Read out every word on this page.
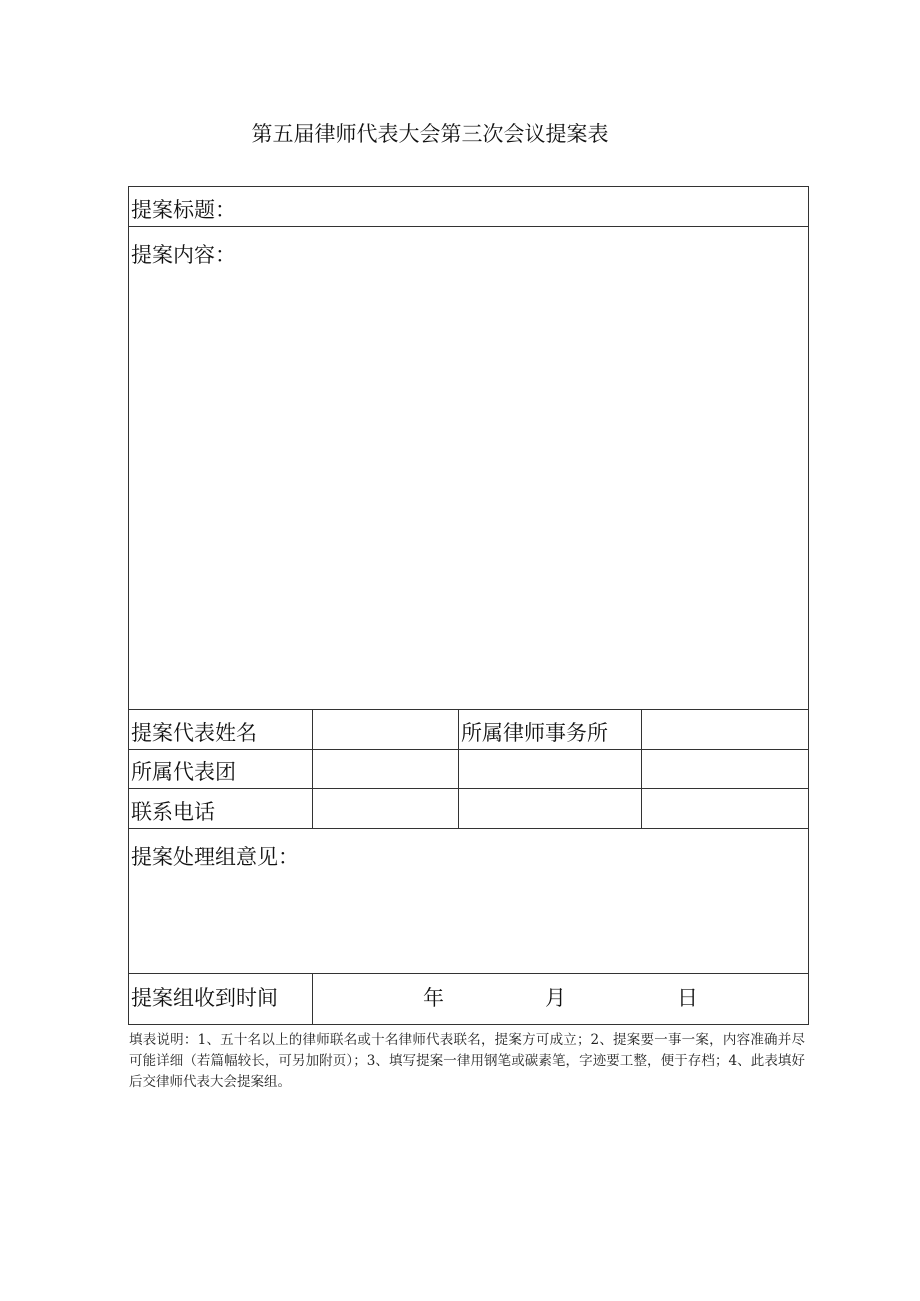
第五届律师代表大会第三次会议提案表
提案标题：			
提案内容：			
提案代表姓名		所属律师事务所	
所属代表团			
联系电话			
提案处理组意见：			
提案组收到时间	年 月 日		
填表说明：1、五十名以上的律师联名或十名律师代表联名，提案方可成立；2、提案要一事一案，内容准确并尽可能详细（若篇幅较长，可另加附页）；3、填写提案一律用钢笔或碳素笔，字迹要工整，便于存档；4、此表填好后交律师代表大会提案组。
